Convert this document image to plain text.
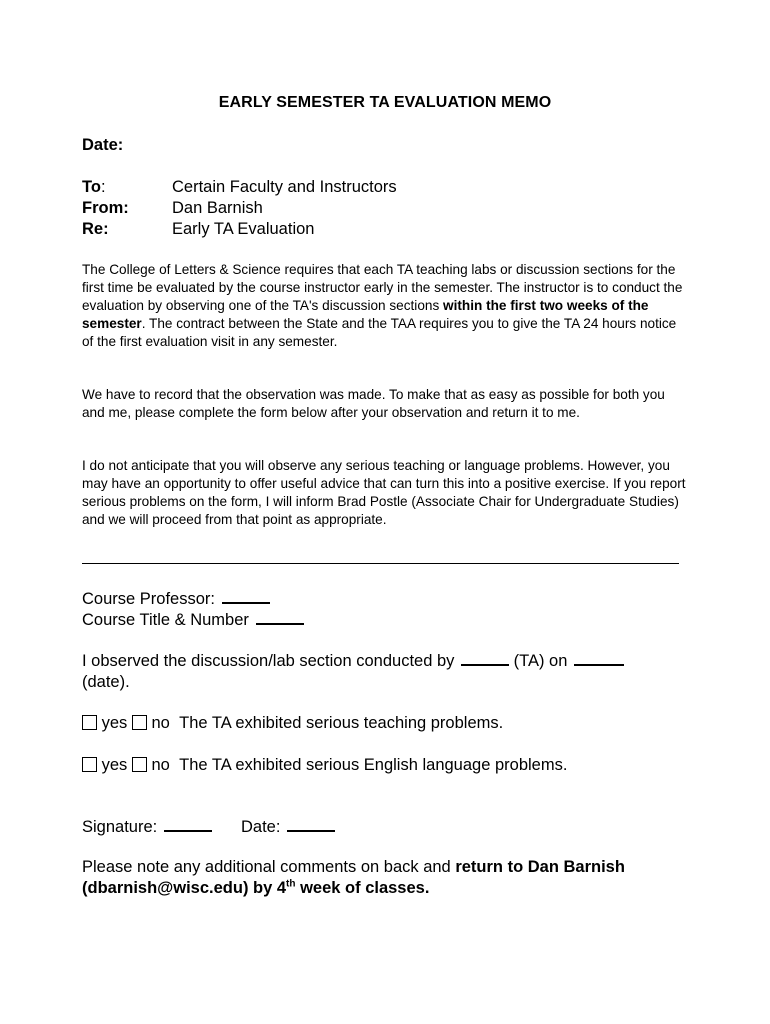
EARLY SEMESTER TA EVALUATION MEMO
Date:
To:	Certain Faculty and Instructors
From:	Dan Barnish
Re:	Early TA Evaluation

The College of Letters & Science requires that each TA teaching labs or discussion sections for the first time be evaluated by the course instructor early in the semester. The instructor is to conduct the evaluation by observing one of the TA's discussion sections within the first two weeks of the semester. The contract between the State and the TAA requires you to give the TA 24 hours notice of the first evaluation visit in any semester.

We have to record that the observation was made. To make that as easy as possible for both you and me, please complete the form below after your observation and return it to me.

I do not anticipate that you will observe any serious teaching or language problems. However, you may have an opportunity to offer useful advice that can turn this into a positive exercise. If you report serious problems on the form, I will inform Brad Postle (Associate Chair for Undergraduate Studies) and we will proceed from that point as appropriate.

Course Professor:
Course Title & Number
I observed the discussion/lab section conducted by	(TA) on
(date).
yes no The TA exhibited serious teaching problems.
yes no The TA exhibited serious English language problems.
Signature:	Date:
Please note any additional comments on back and return to Dan Barnish (dbarnish@wisc.edu) by 4th week of classes.
